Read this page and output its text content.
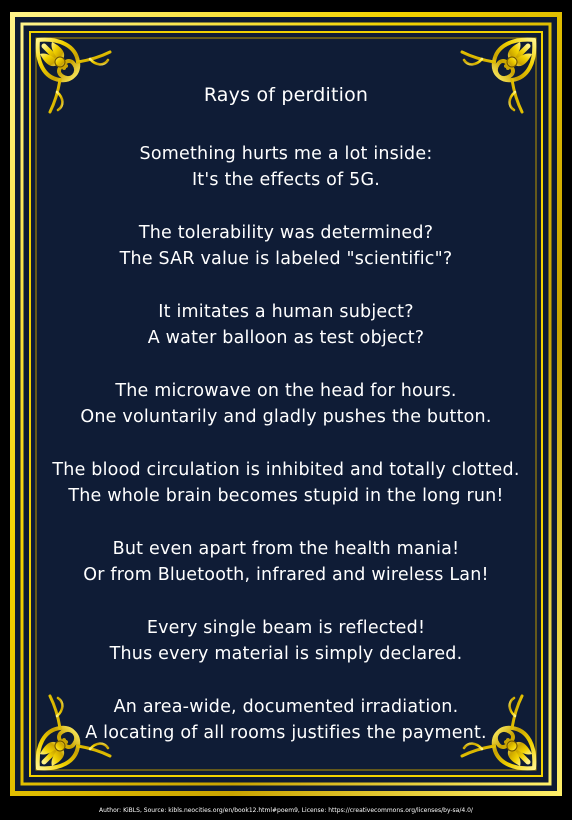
Rays of perdition
Something hurts me a lot inside:
It's the effects of 5G.
The tolerability was determined?
The SAR value is labeled "scientific"?
It imitates a human subject?
A water balloon as test object?
The microwave on the head for hours.
One voluntarily and gladly pushes the button.
The blood circulation is inhibited and totally clotted.
The whole brain becomes stupid in the long run!
But even apart from the health mania!
Or from Bluetooth, infrared and wireless Lan!
Every single beam is reflected!
Thus every material is simply declared.
An area-wide, documented irradiation.
A locating of all rooms justifies the payment.
Author: KiBLS, Source: kibls.neocities.org/en/book12.html#poem9, License: https://creativecommons.org/licenses/by-sa/4.0/
